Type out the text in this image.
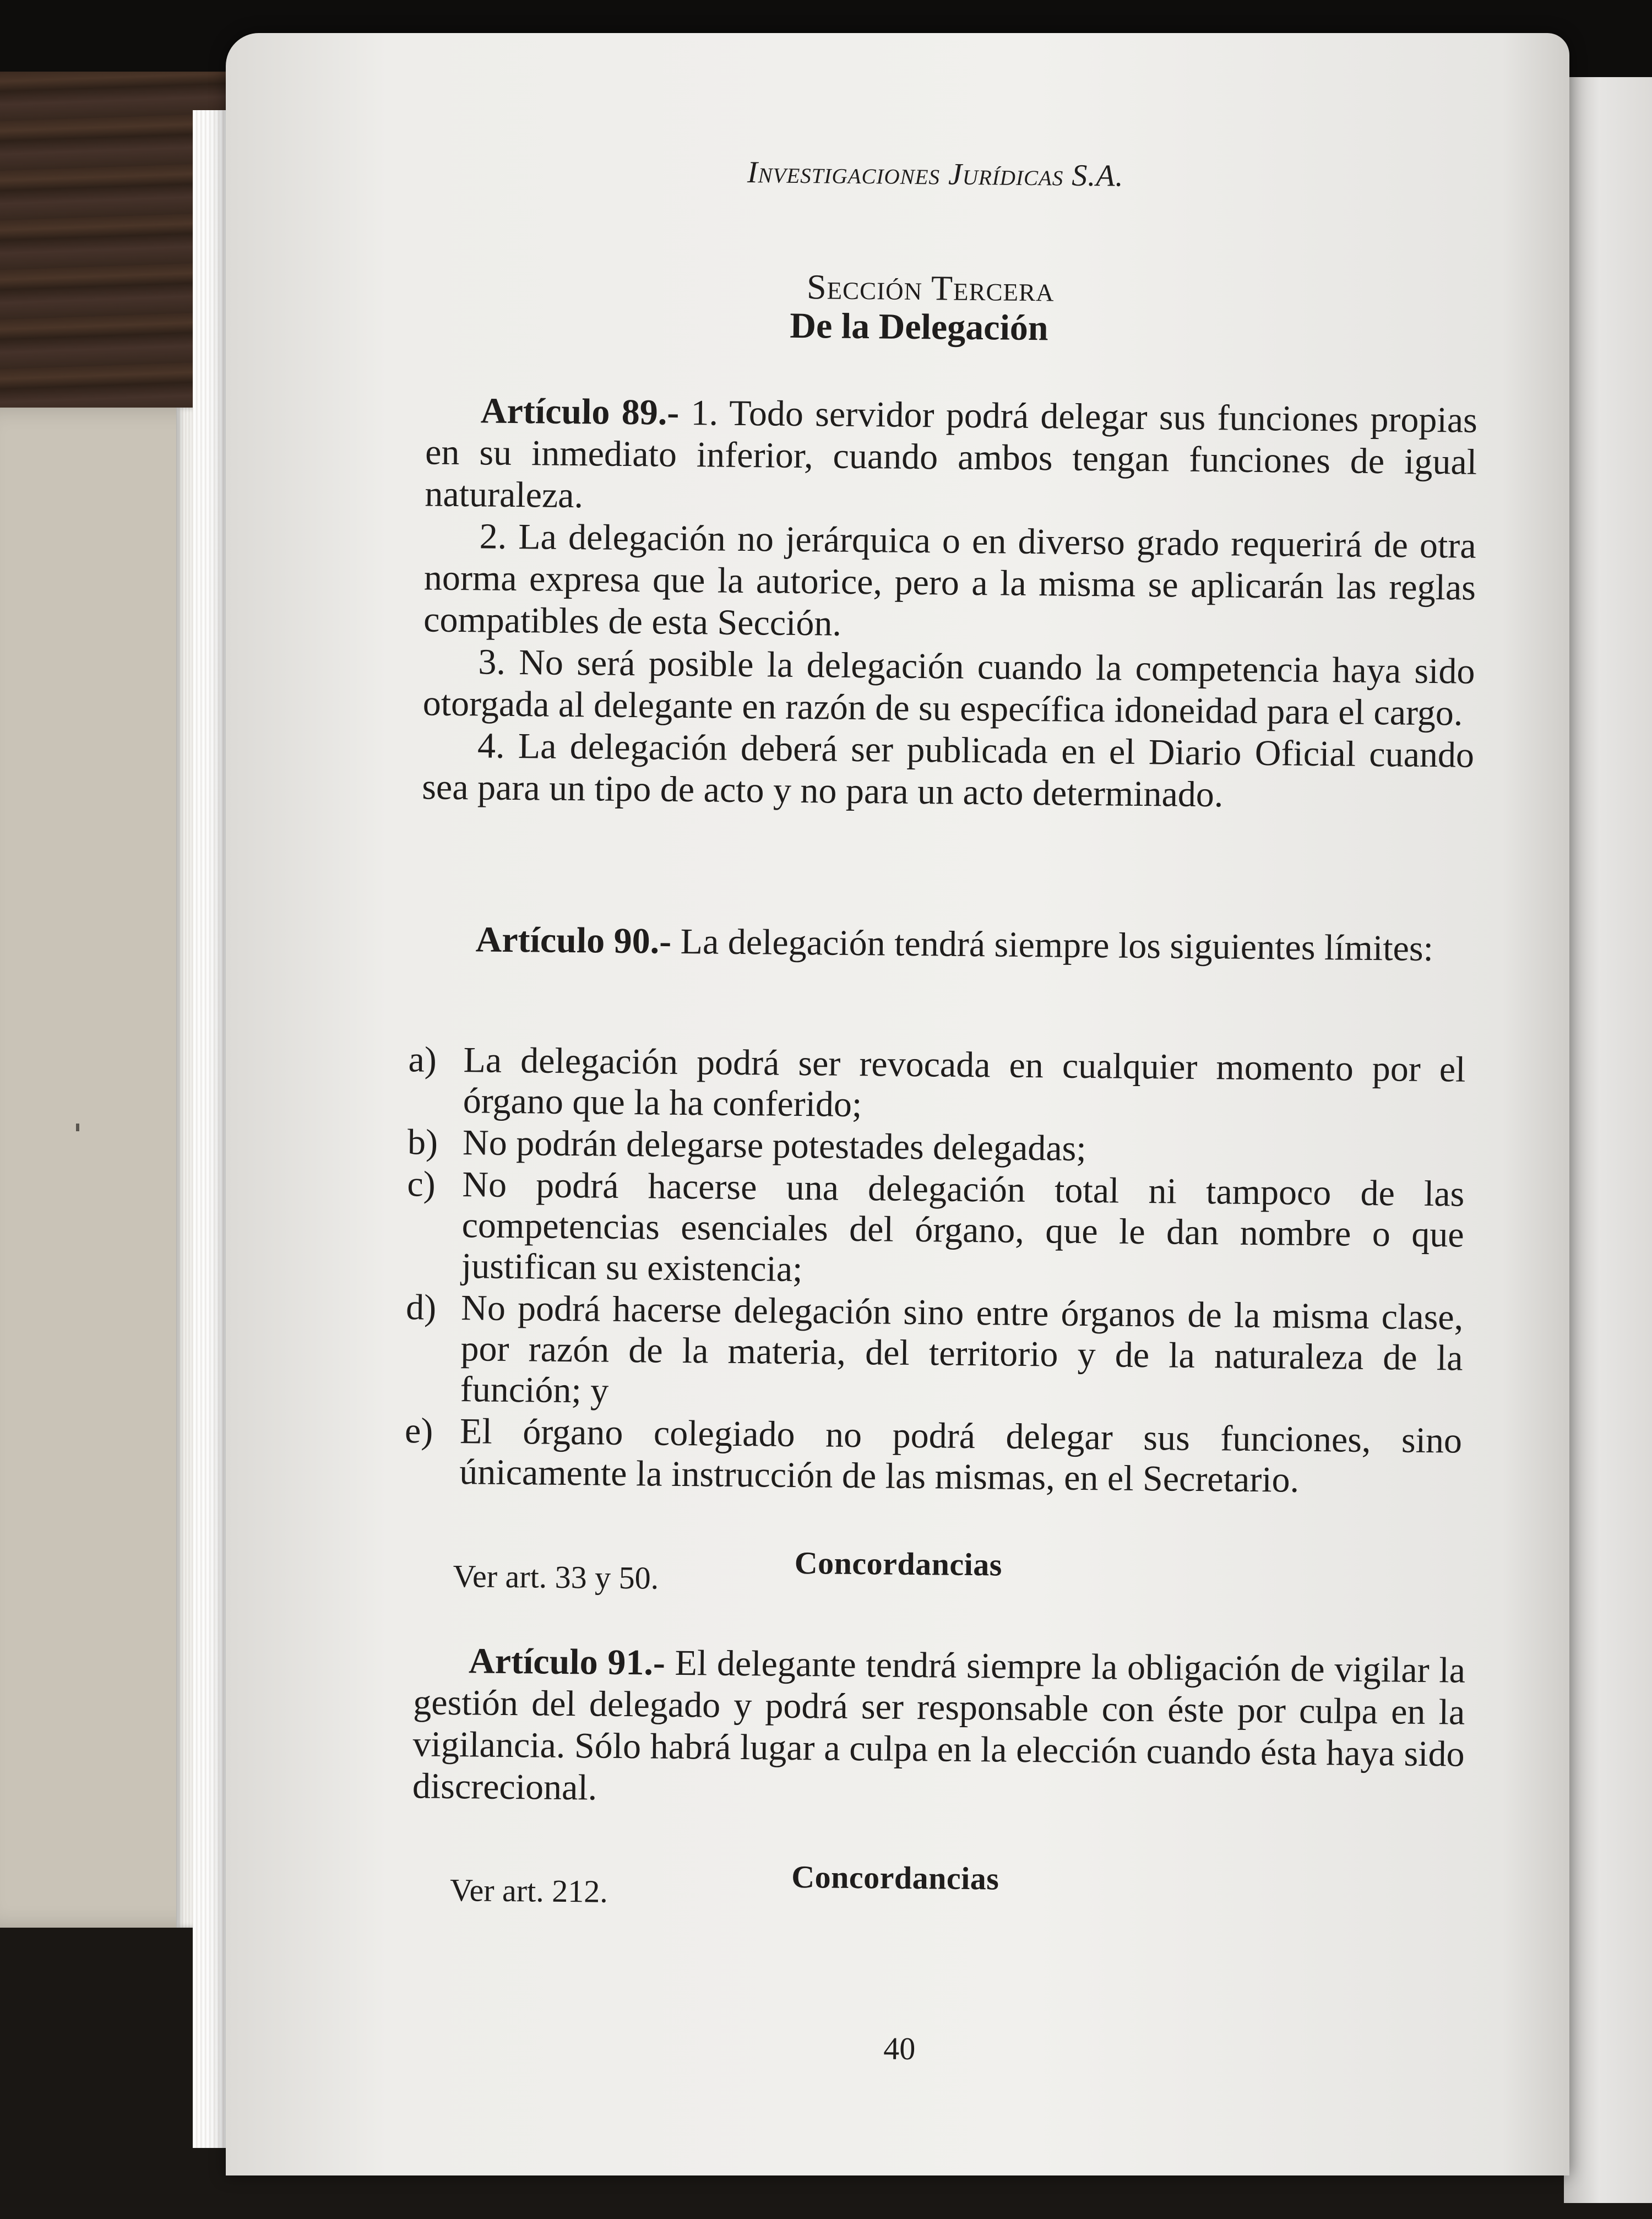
Investigaciones Jurídicas S.A.
Sección Tercera
De la Delegación

Artículo 89.- 1. Todo servidor podrá delegar sus funciones propias en su inmediato inferior, cuando ambos tengan funciones de igual naturaleza.

2. La delegación no jerárquica o en diverso grado requerirá de otra norma expresa que la autorice, pero a la misma se aplicarán las reglas compatibles de esta Sección.

3. No será posible la delegación cuando la competencia haya sido otorgada al delegante en razón de su específica idoneidad para el cargo.

4. La delegación deberá ser publicada en el Diario Oficial cuando sea para un tipo de acto y no para un acto determinado.

Artículo 90.- La delegación tendrá siempre los siguientes límites:

a) La delegación podrá ser revocada en cualquier momento por el órgano que la ha conferido;
b) No podrán delegarse potestades delegadas;
c) No podrá hacerse una delegación total ni tampoco de las competencias esenciales del órgano, que le dan nombre o que justifican su existencia;
d) No podrá hacerse delegación sino entre órganos de la misma clase, por razón de la materia, del territorio y de la naturaleza de la función; y
e) El órgano colegiado no podrá delegar sus funciones, sino únicamente la instrucción de las mismas, en el Secretario.
Concordancias
Ver art. 33 y 50.

Artículo 91.- El delegante tendrá siempre la obligación de vigilar la gestión del delegado y podrá ser responsable con éste por culpa en la vigilancia. Sólo habrá lugar a culpa en la elección cuando ésta haya sido discrecional.

Concordancias
Ver art. 212.
40
